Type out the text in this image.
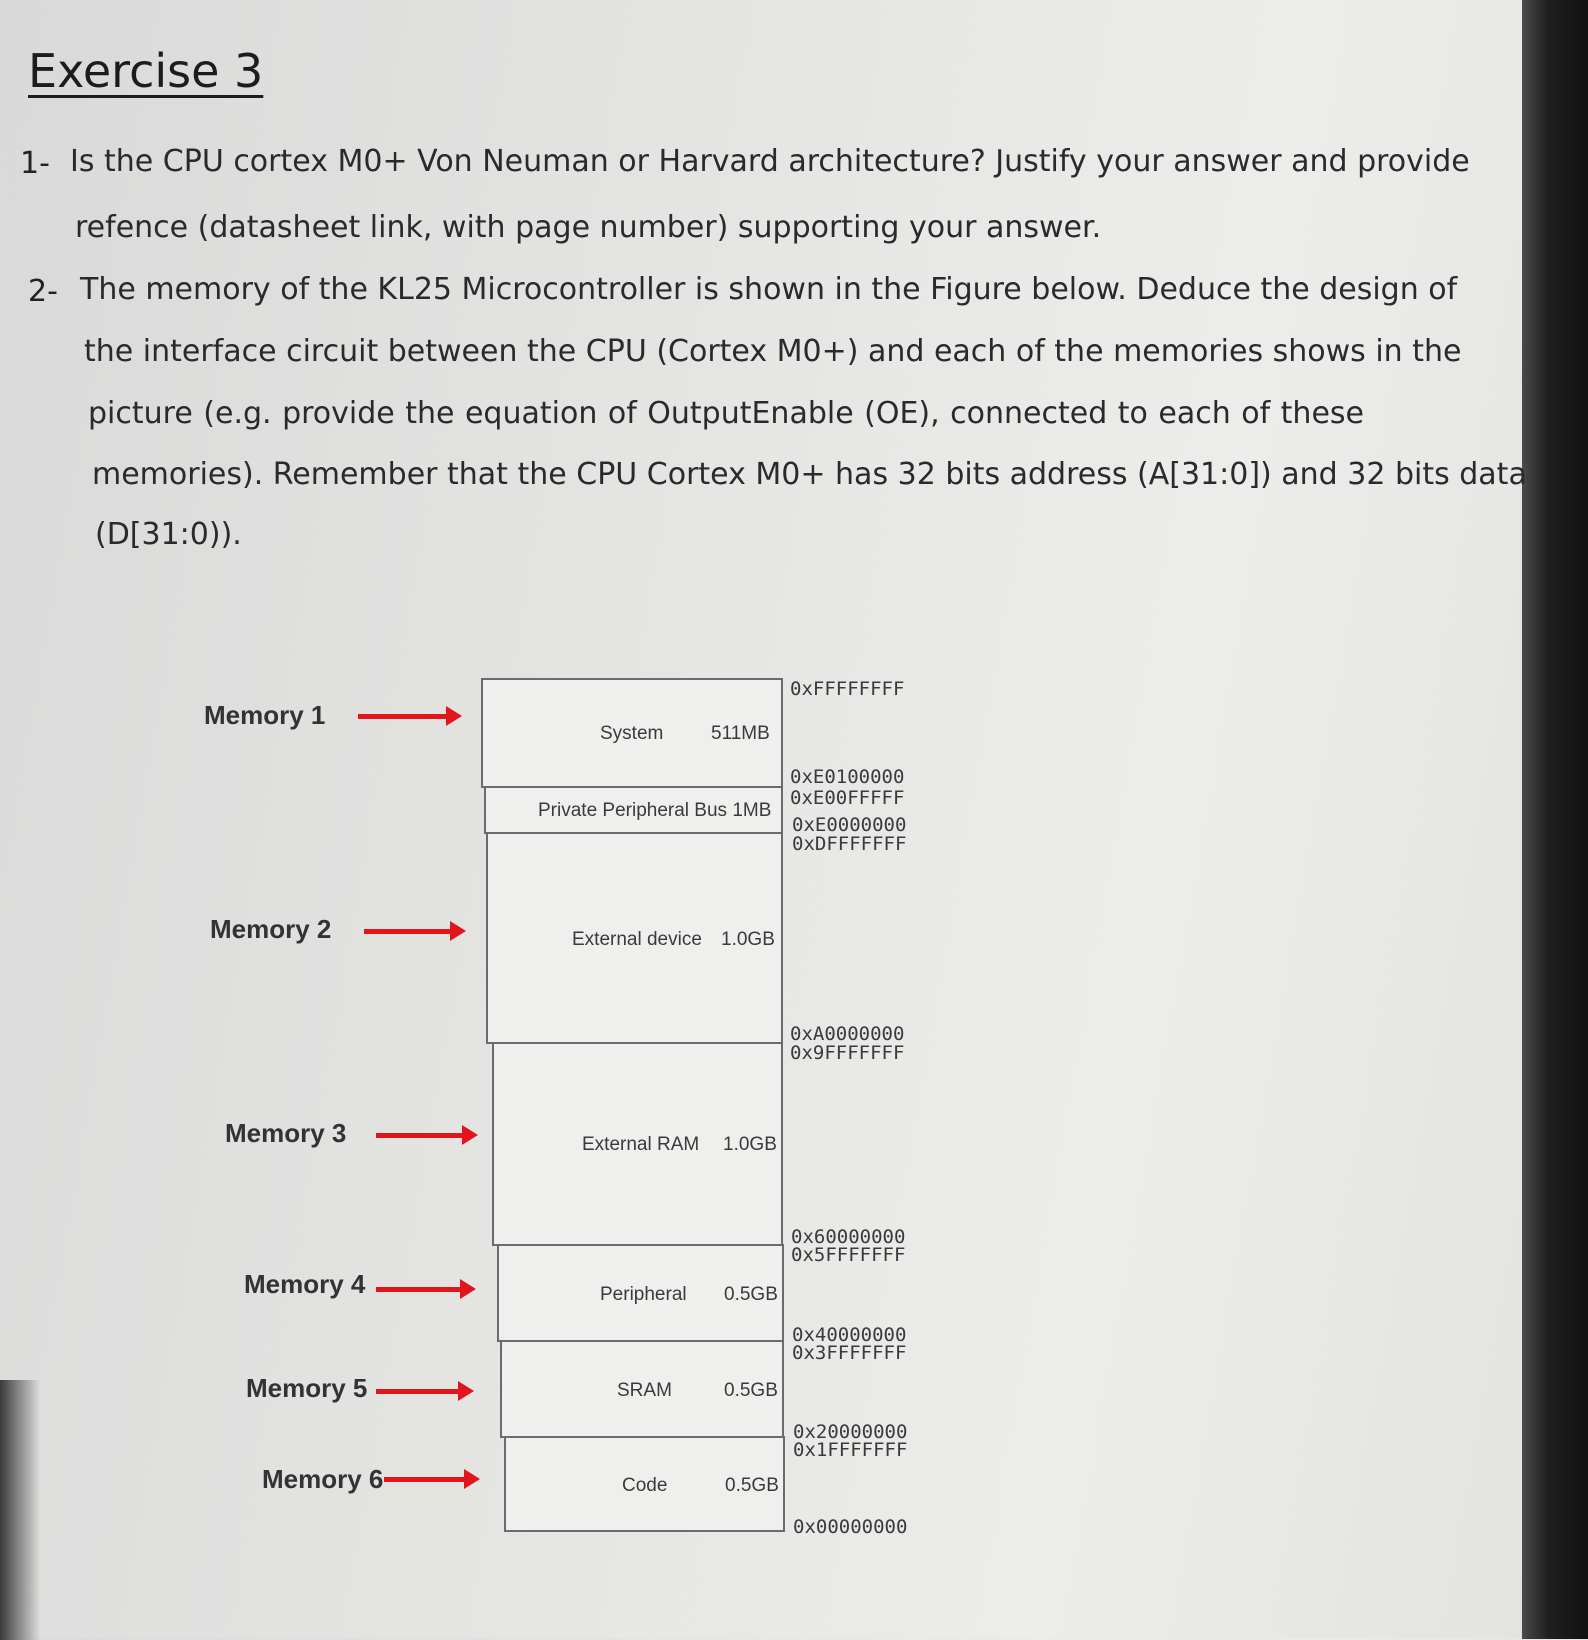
Exercise 3
1- Is the CPU cortex M0+ Von Neuman or Harvard architecture? Justify your answer and provide
refence (datasheet link, with page number) supporting your answer.
2- The memory of the KL25 Microcontroller is shown in the Figure below. Deduce the design of
the interface circuit between the CPU (Cortex M0+) and each of the memories shows in the
picture (e.g. provide the equation of OutputEnable (OE), connected to each of these
memories). Remember that the CPU Cortex M0+ has 32 bits address (A[31:0]) and 32 bits data
(D[31:0)).
System	511MB
Private Peripheral Bus 1MB
External device 1.0GB
External RAM 1.0GB
Peripheral 0.5GB
SRAM	0.5GB
Code	0.5GB
0xFFFFFFFF
0xE0100000
0xE00FFFFF
0xE0000000
0xDFFFFFFF
0xA0000000
0x9FFFFFFF
0x60000000
0x5FFFFFFF
0x40000000
0x3FFFFFFF
0x20000000
0x1FFFFFFF
0x00000000
Memory 1
Memory 2
Memory 3
Memory 4
Memory 5
Memory 6
